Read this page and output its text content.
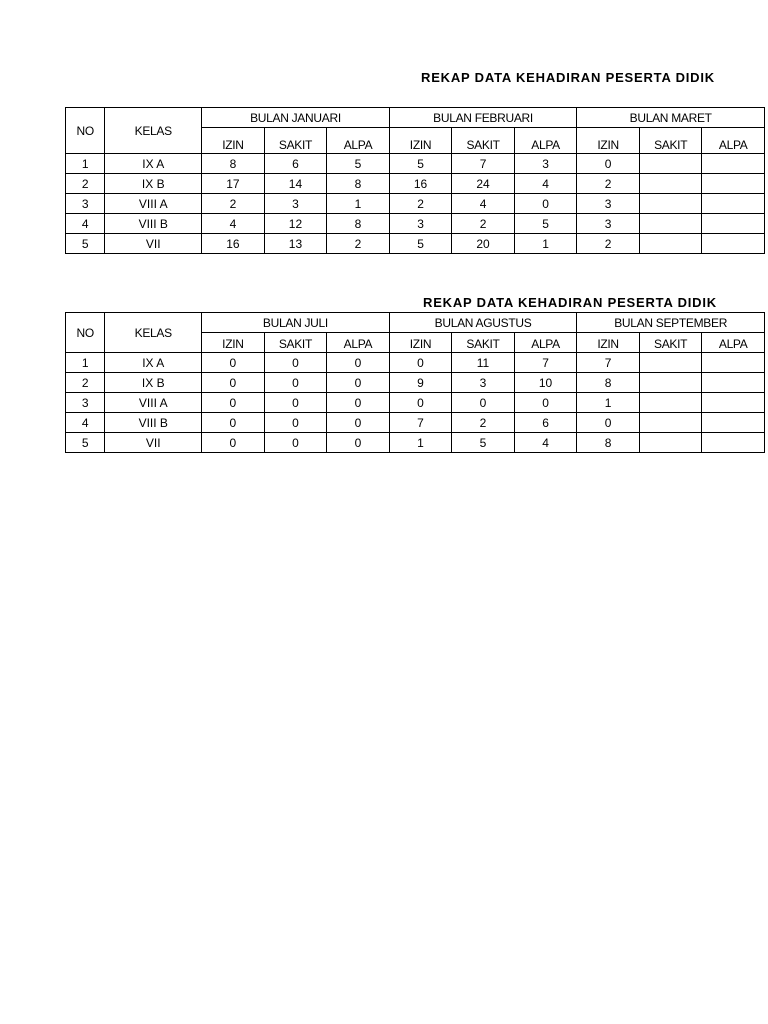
REKAP DATA KEHADIRAN PESERTA DIDIK
NO	KELAS	BULAN JANUARI			BULAN FEBRUARI			BULAN MARET		
		IZIN	SAKIT	ALPA	IZIN	SAKIT	ALPA	IZIN	SAKIT	ALPA
1	IX A	8	6	5	5	7	3	0		
2	IX B	17	14	8	16	24	4	2		
3	VIII A	2	3	1	2	4	0	3		
4	VIII B	4	12	8	3	2	5	3		
5	VII	16	13	2	5	20	1	2		
REKAP DATA KEHADIRAN PESERTA DIDIK
NO	KELAS	BULAN JULI			BULAN AGUSTUS			BULAN SEPTEMBER		
		IZIN	SAKIT	ALPA	IZIN	SAKIT	ALPA	IZIN	SAKIT	ALPA
1	IX A	0	0	0	0	11	7	7		
2	IX B	0	0	0	9	3	10	8		
3	VIII A	0	0	0	0	0	0	1		
4	VIII B	0	0	0	7	2	6	0		
5	VII	0	0	0	1	5	4	8		
